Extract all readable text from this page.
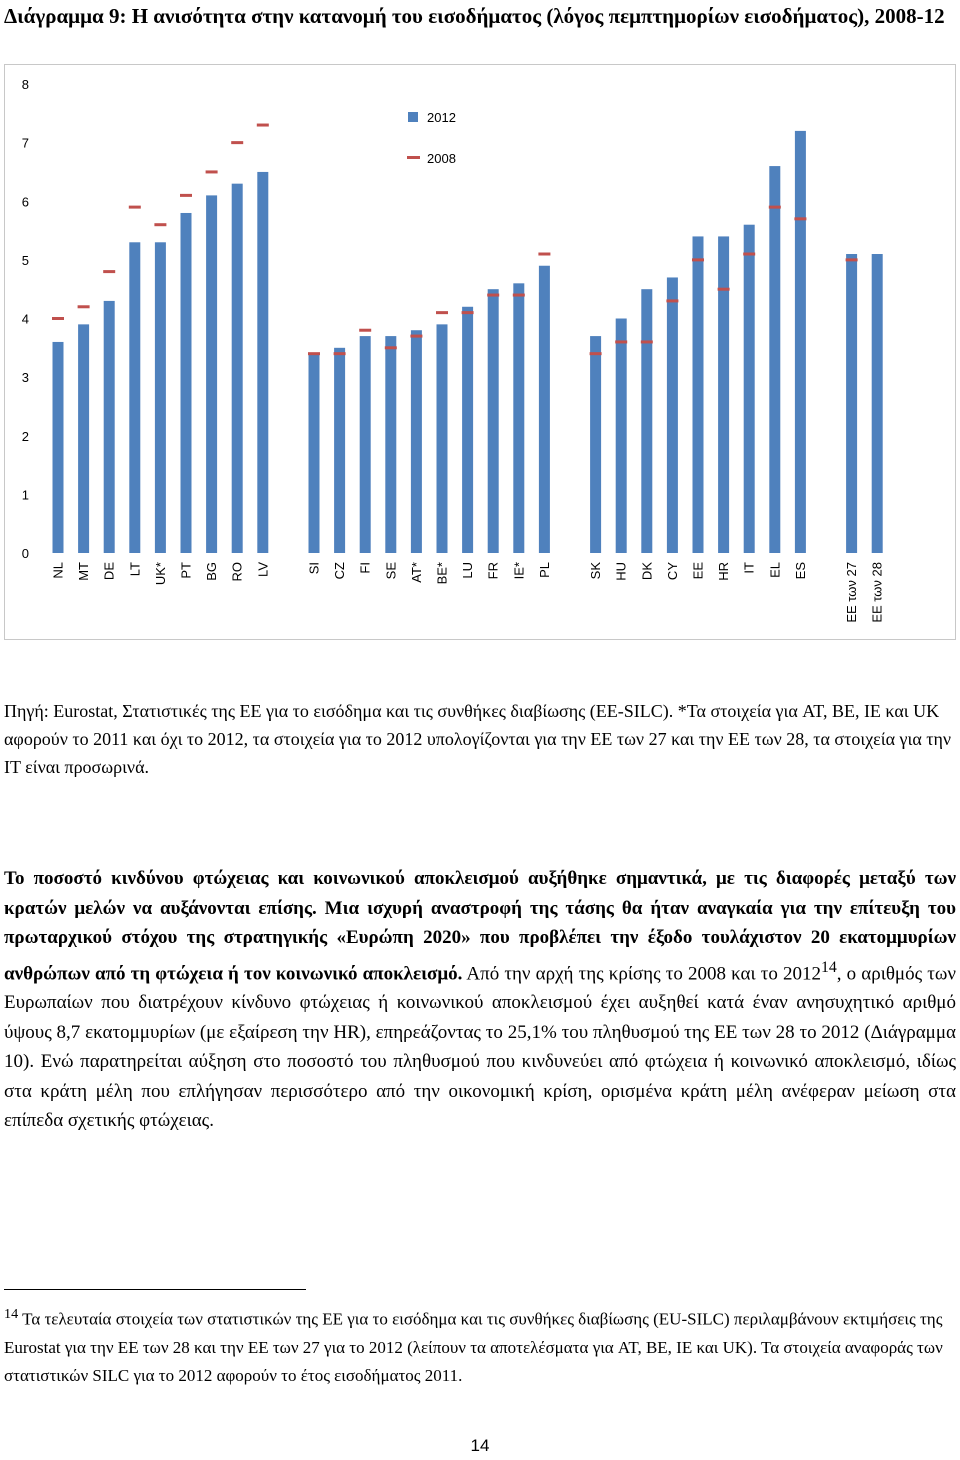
Διάγραμμα 9: Η ανισότητα στην κατανομή του εισοδήματος (λόγος πεμπτημορίων εισοδήματος), 2008-12
0
1
2
3
4
5
6
7
8
NL MT DE LT UK* PT BG RO LV	SI CZ FI SE AT* BE* LU FR IE* PL	SK HU DK CY EE HR IT EL ES	ΕΕ των 27 ΕΕ των 28
2012
2008
Πηγή: Eurostat, Στατιστικές της ΕΕ για το εισόδημα και τις συνθήκες διαβίωσης (ΕΕ-SILC). *Τα στοιχεία για AT, BE, IE και UK αφορούν το 2011 και όχι το 2012, τα στοιχεία για το 2012 υπολογίζονται για την ΕΕ των 27 και την ΕΕ των 28, τα στοιχεία για την IT είναι προσωρινά.
Το ποσοστό κινδύνου φτώχειας και κοινωνικού αποκλεισμού αυξήθηκε σημαντικά, με τις διαφορές μεταξύ των κρατών μελών να αυξάνονται επίσης. Μια ισχυρή αναστροφή της τάσης θα ήταν αναγκαία για την επίτευξη του πρωταρχικού στόχου της στρατηγικής «Ευρώπη 2020» που προβλέπει την έξοδο τουλάχιστον 20 εκατομμυρίων ανθρώπων από τη φτώχεια ή τον κοινωνικό αποκλεισμό. Από την αρχή της κρίσης το 2008 και το 2012$^{14}$, ο αριθμός των Ευρωπαίων που διατρέχουν κίνδυνο φτώχειας ή κοινωνικού αποκλεισμού έχει αυξηθεί κατά έναν ανησυχητικό αριθμό ύψους 8,7 εκατομμυρίων (με εξαίρεση την HR), επηρεάζοντας το 25,1% του πληθυσμού της ΕΕ των 28 το 2012 (Διάγραμμα 10). Ενώ παρατηρείται αύξηση στο ποσοστό του πληθυσμού που κινδυνεύει από φτώχεια ή κοινωνικό αποκλεισμό, ιδίως στα κράτη μέλη που επλήγησαν περισσότερο από την οικονομική κρίση, ορισμένα κράτη μέλη ανέφεραν μείωση στα επίπεδα σχετικής φτώχειας.
$^{14}$ Τα τελευταία στοιχεία των στατιστικών της ΕΕ για το εισόδημα και τις συνθήκες διαβίωσης (EU-SILC) περιλαμβάνουν εκτιμήσεις της Eurostat για την ΕΕ των 28 και την ΕΕ των 27 για το 2012 (λείπουν τα αποτελέσματα για AT, BE, IE και UK). Τα στοιχεία αναφοράς των στατιστικών SILC για το 2012 αφορούν το έτος εισοδήματος 2011.
14
